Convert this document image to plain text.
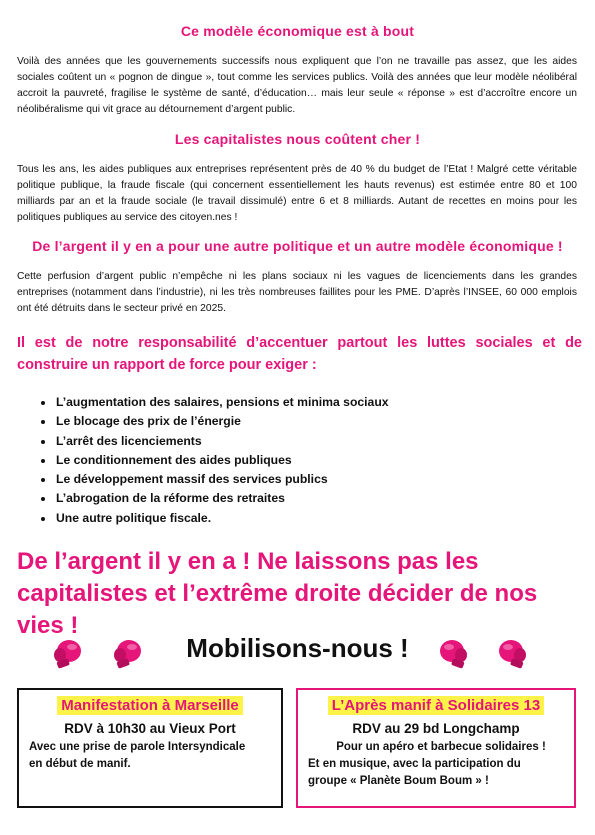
Ce modèle économique est à bout

Voilà des années que les gouvernements successifs nous expliquent que l’on ne travaille pas assez, que les aides sociales coûtent un « pognon de dingue », tout comme les services publics. Voilà des années que leur modèle néolibéral accroit la pauvreté, fragilise le système de santé, d’éducation… mais leur seule « réponse » est d’accroître encore un néolibéralisme qui vit grace au détournement d’argent public.

Les capitalistes nous coûtent cher !

Tous les ans, les aides publiques aux entreprises représentent près de 40 % du budget de l’Etat ! Malgré cette véritable politique publique, la fraude fiscale (qui concernent essentiellement les hauts revenus) est estimée entre 80 et 100 milliards par an et la fraude sociale (le travail dissimulé) entre 6 et 8 milliards. Autant de recettes en moins pour les politiques publiques au service des citoyen.nes !

De l’argent il y en a pour une autre politique et un autre modèle économique !

Cette perfusion d’argent public n’empêche ni les plans sociaux ni les vagues de licenciements dans les grandes entreprises (notamment dans l’industrie), ni les très nombreuses faillites pour les PME. D’après l’INSEE, 60 000 emplois ont été détruits dans le secteur privé en 2025.

Il est de notre responsabilité d’accentuer partout les luttes sociales et de construire un rapport de force pour exiger :

• L’augmentation des salaires, pensions et minima sociaux
• Le blocage des prix de l’énergie
• L’arrêt des licenciements
• Le conditionnement des aides publiques
• Le développement massif des services publics
• L’abrogation de la réforme des retraites
• Une autre politique fiscale.

De l’argent il y en a ! Ne laissons pas les capitalistes et l’extrême droite décider de nos vies !

Mobilisons-nous !
Manifestation à Marseille
RDV à 10h30 au Vieux Port
Avec une prise de parole Intersyndicale
en début de manif.
L’Après manif à Solidaires 13
RDV au 29 bd Longchamp
Pour un apéro et barbecue solidaires !
Et en musique, avec la participation du
groupe « Planète Boum Boum » !
